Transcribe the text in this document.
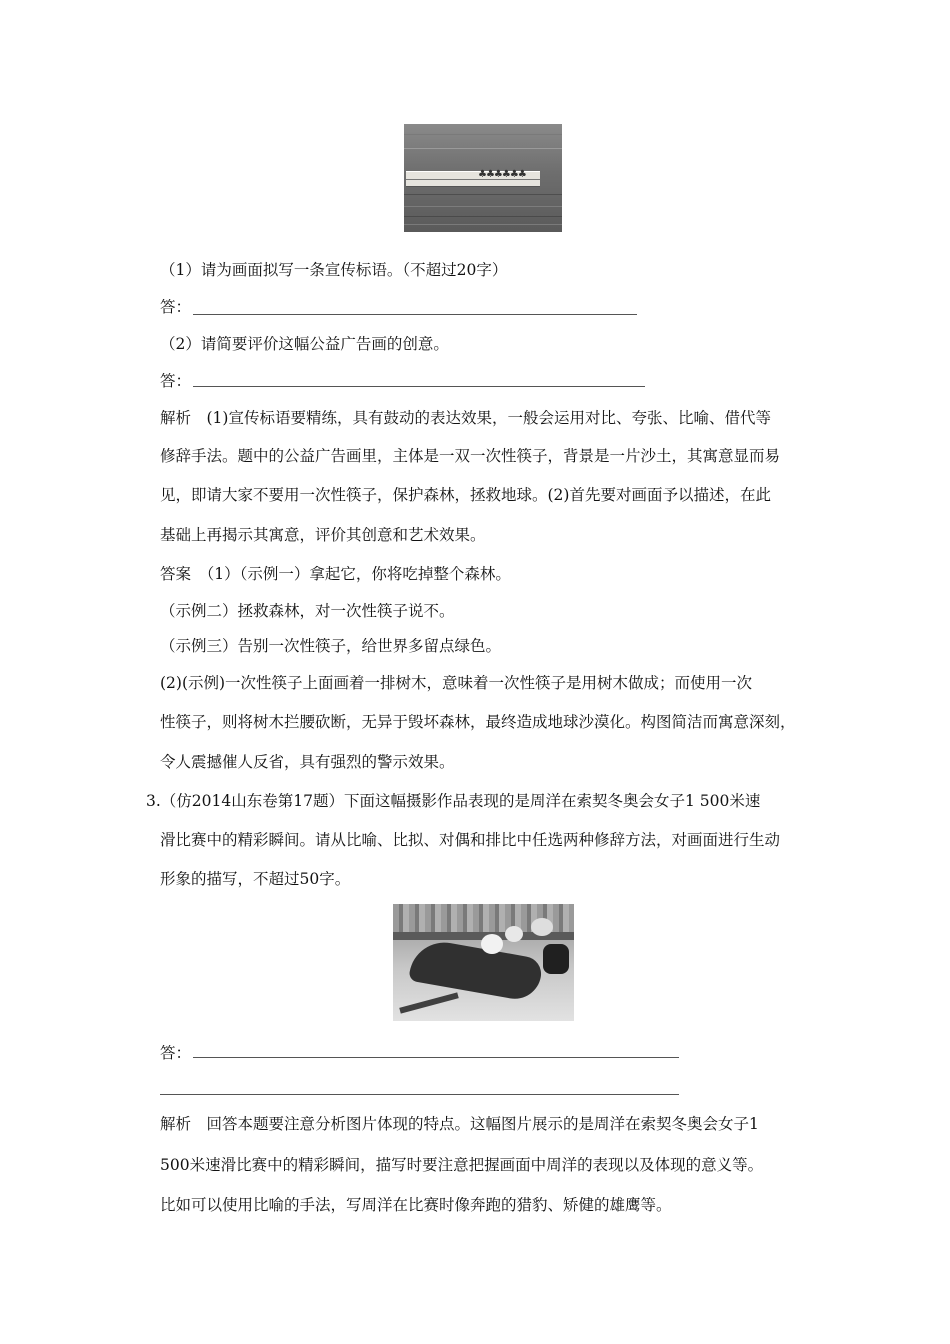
♣♣♣♣♣♣
（1）请为画面拟写一条宣传标语。（不超过20字）
答：
（2）请简要评价这幅公益广告画的创意。
答：
解析　(1)宣传标语要精练，具有鼓动的表达效果，一般会运用对比、夸张、比喻、借代等
修辞手法。题中的公益广告画里，主体是一双一次性筷子，背景是一片沙土，其寓意显而易
见，即请大家不要用一次性筷子，保护森林，拯救地球。(2)首先要对画面予以描述，在此
基础上再揭示其寓意，评价其创意和艺术效果。
答案　（1）（示例一）拿起它，你将吃掉整个森林。
（示例二）拯救森林，对一次性筷子说不。
（示例三）告别一次性筷子，给世界多留点绿色。
(2)(示例)一次性筷子上面画着一排树木，意味着一次性筷子是用树木做成；而使用一次
性筷子，则将树木拦腰砍断，无异于毁坏森林，最终造成地球沙漠化。构图简洁而寓意深刻，
令人震撼催人反省，具有强烈的警示效果。
3.（仿2014山东卷第17题）下面这幅摄影作品表现的是周洋在索契冬奥会女子1 500米速
滑比赛中的精彩瞬间。请从比喻、比拟、对偶和排比中任选两种修辞方法，对画面进行生动
形象的描写，不超过50字。
答：
解析　回答本题要注意分析图片体现的特点。这幅图片展示的是周洋在索契冬奥会女子1
500米速滑比赛中的精彩瞬间，描写时要注意把握画面中周洋的表现以及体现的意义等。
比如可以使用比喻的手法，写周洋在比赛时像奔跑的猎豹、矫健的雄鹰等。
